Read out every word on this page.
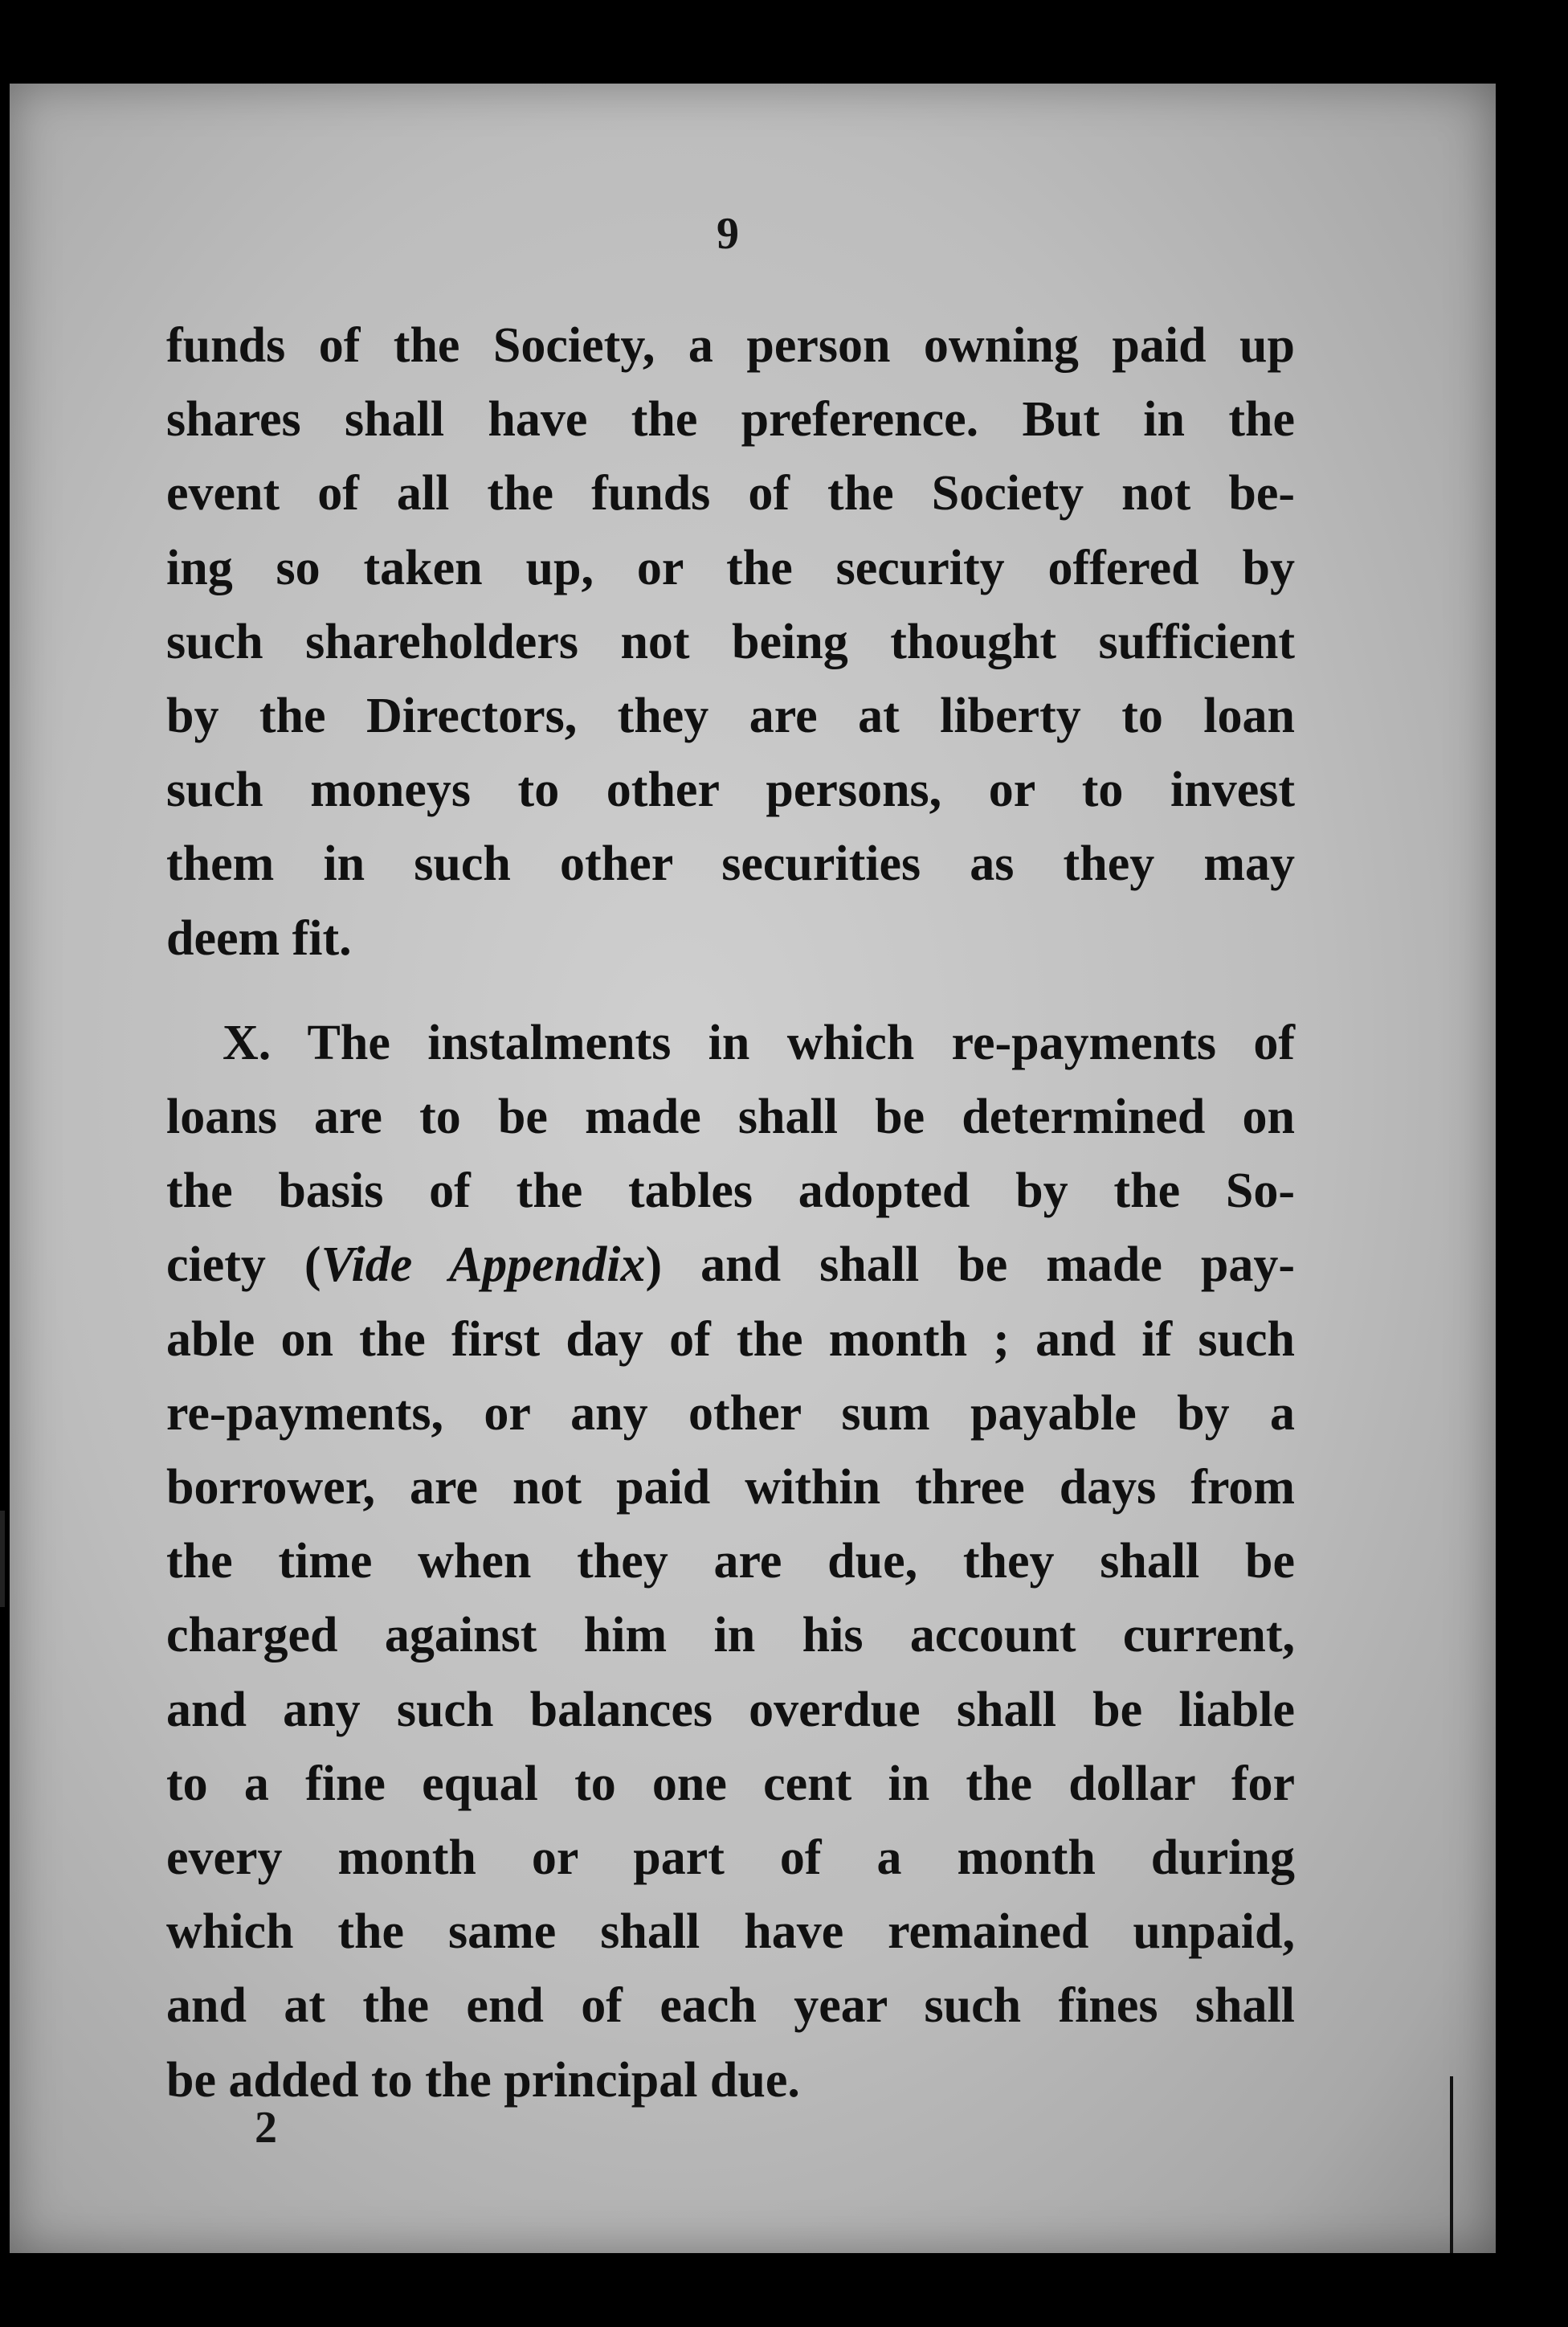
9

funds of the Society, a person owning paid up
shares shall have the preference. But in the
event of all the funds of the Society not be-
ing so taken up, or the security offered by
such shareholders not being thought sufficient
by the Directors, they are at liberty to loan
such moneys to other persons, or to invest
them in such other securities as they may
deem fit.

X. The instalments in which re-payments of
loans are to be made shall be determined on
the basis of the tables adopted by the So-
ciety (Vide Appendix) and shall be made pay-
able on the first day of the month ; and if such
re-payments, or any other sum payable by a
borrower, are not paid within three days from
the time when they are due, they shall be
charged against him in his account current,
and any such balances overdue shall be liable
to a fine equal to one cent in the dollar for
every month or part of a month during
which the same shall have remained unpaid,
and at the end of each year such fines shall
be added to the principal due.

2
